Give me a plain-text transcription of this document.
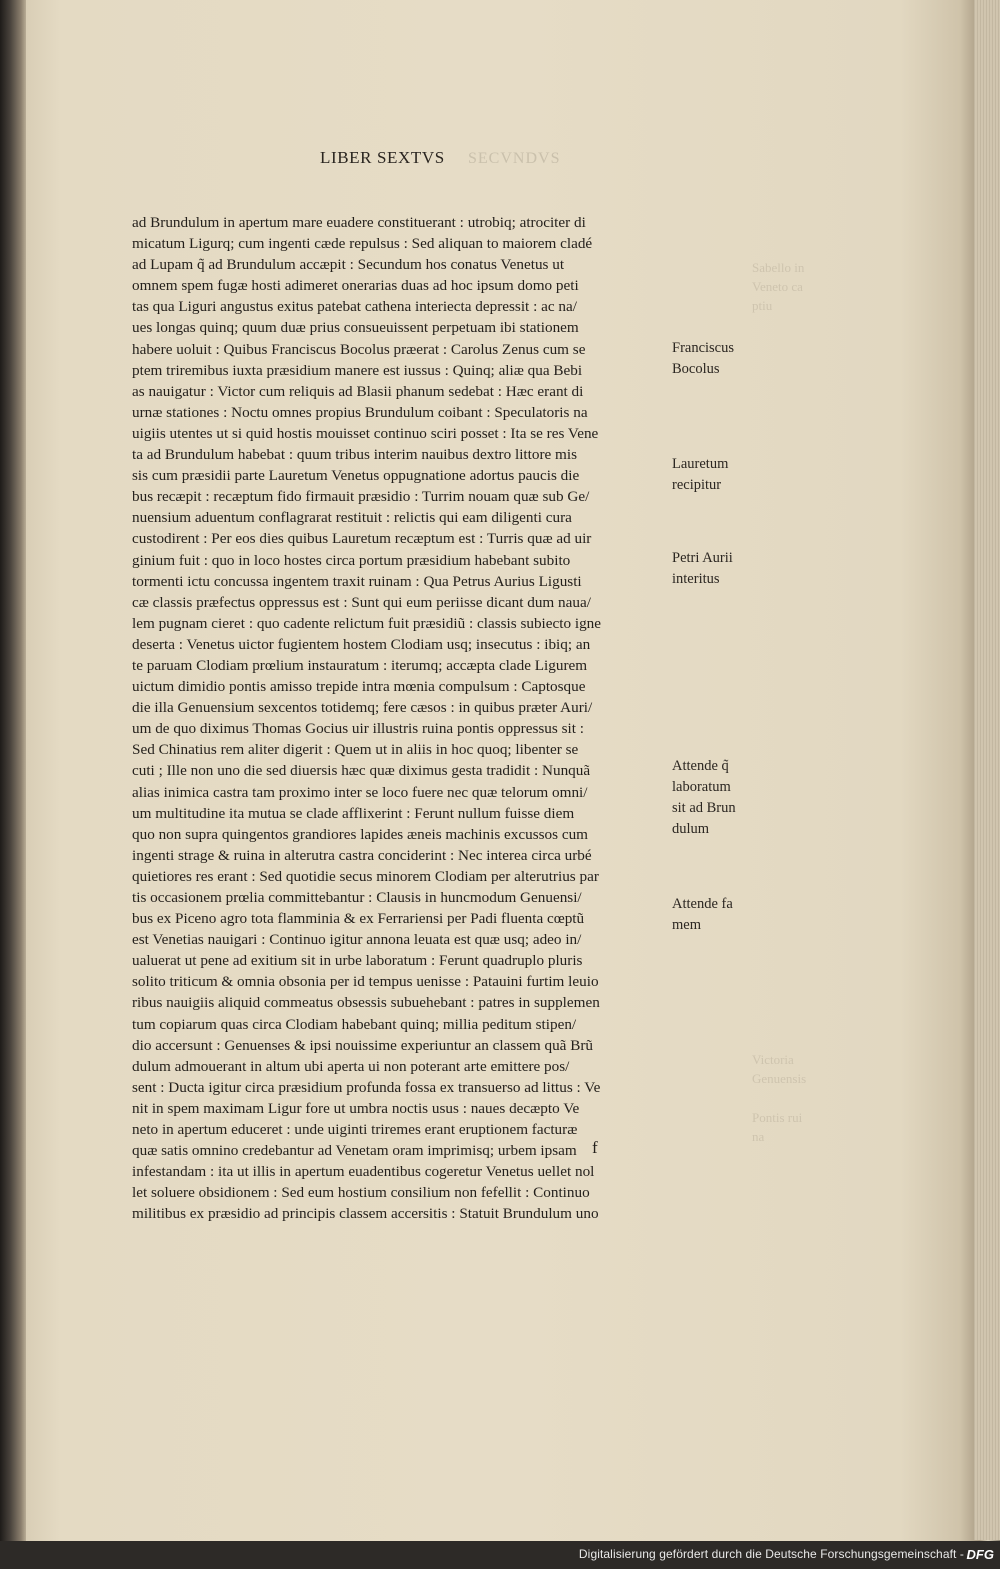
SECVNDVS
Sabello in
Veneto ca
ptiu
Victoria
Genuensis
Pontis rui
na
LIBER SEXTVS
ad Brundulum in apertum mare euadere constituerant : utrobiq; atrociter di
micatum Ligurq; cum ingenti cæde repulsus : Sed aliquan to maiorem cladé
ad Lupam q̃ ad Brundulum accæpit : Secundum hos conatus Venetus ut
omnem spem fugæ hosti adimeret onerarias duas ad hoc ipsum domo peti
tas qua Liguri angustus exitus patebat cathena interiecta depressit : ac na/
ues longas quinq; quum duæ prius consueuissent perpetuam ibi stationem
habere uoluit : Quibus Franciscus Bocolus præerat : Carolus Zenus cum se
ptem triremibus iuxta præsidium manere est iussus : Quinq; aliæ qua Bebi
as nauigatur : Victor cum reliquis ad Blasii phanum sedebat : Hæc erant di
urnæ stationes : Noctu omnes propius Brundulum coibant : Speculatoris na
uigiis utentes ut si quid hostis mouisset continuo sciri posset : Ita se res Vene
ta ad Brundulum habebat : quum tribus interim nauibus dextro littore mis
sis cum præsidii parte Lauretum Venetus oppugnatione adortus paucis die
bus recæpit : recæptum fido firmauit præsidio : Turrim nouam quæ sub Ge/
nuensium aduentum conflagrarat restituit : relictis qui eam diligenti cura
custodirent : Per eos dies quibus Lauretum recæptum est : Turris quæ ad uir
ginium fuit : quo in loco hostes circa portum præsidium habebant subito
tormenti ictu concussa ingentem traxit ruinam : Qua Petrus Aurius Ligusti
cæ classis præfectus oppressus est : Sunt qui eum periisse dicant dum naua/
lem pugnam cieret : quo cadente relictum fuit præsidiũ : classis subiecto igne
deserta : Venetus uictor fugientem hostem Clodiam usq; insecutus : ibiq; an
te paruam Clodiam prœlium instauratum : iterumq; accæpta clade Ligurem
uictum dimidio pontis amisso trepide intra mœnia compulsum : Captosque
die illa Genuensium sexcentos totidemq; fere cæsos : in quibus præter Auri/
um de quo diximus Thomas Gocius uir illustris ruina pontis oppressus sit :
Sed Chinatius rem aliter digerit : Quem ut in aliis in hoc quoq; libenter se
cuti ; Ille non uno die sed diuersis hæc quæ diximus gesta tradidit : Nunquã
alias inimica castra tam proximo inter se loco fuere nec quæ telorum omni/
um multitudine ita mutua se clade afflixerint : Ferunt nullum fuisse diem
quo non supra quingentos grandiores lapides æneis machinis excussos cum
ingenti strage & ruina in alterutra castra conciderint : Nec interea circa urbé
quietiores res erant : Sed quotidie secus minorem Clodiam per alterutrius par
tis occasionem prœlia committebantur : Clausis in huncmodum Genuensi/
bus ex Piceno agro tota flamminia & ex Ferrariensi per Padi fluenta cœptũ
est Venetias nauigari : Continuo igitur annona leuata est quæ usq; adeo in/
ualuerat ut pene ad exitium sit in urbe laboratum : Ferunt quadruplo pluris
solito triticum & omnia obsonia per id tempus uenisse : Patauini furtim leuio
ribus nauigiis aliquid commeatus obsessis subuehebant : patres in supplemen
tum copiarum quas circa Clodiam habebant quinq; millia peditum stipen/
dio accersunt : Genuenses & ipsi nouissime experiuntur an classem quã Brũ
dulum admouerant in altum ubi aperta ui non poterant arte emittere pos/
sent : Ducta igitur circa præsidium profunda fossa ex transuerso ad littus : Ve
nit in spem maximam Ligur fore ut umbra noctis usus : naues decæpto Ve
neto in apertum educeret : unde uiginti triremes erant eruptionem facturæ
quæ satis omnino credebantur ad Venetam oram imprimisq; urbem ipsam
infestandam : ita ut illis in apertum euadentibus cogeretur Venetus uellet nol
let soluere obsidionem : Sed eum hostium consilium non fefellit : Continuo
militibus ex præsidio ad principis classem accersitis : Statuit Brundulum uno
Franciscus
Bocolus
Lauretum
recipitur
Petri Aurii
interitus
Attende q̃
laboratum
sit ad Brun
dulum
Attende fa
mem
f
Digitalisierung gefördert durch die Deutsche Forschungsgemeinschaft - DFG
